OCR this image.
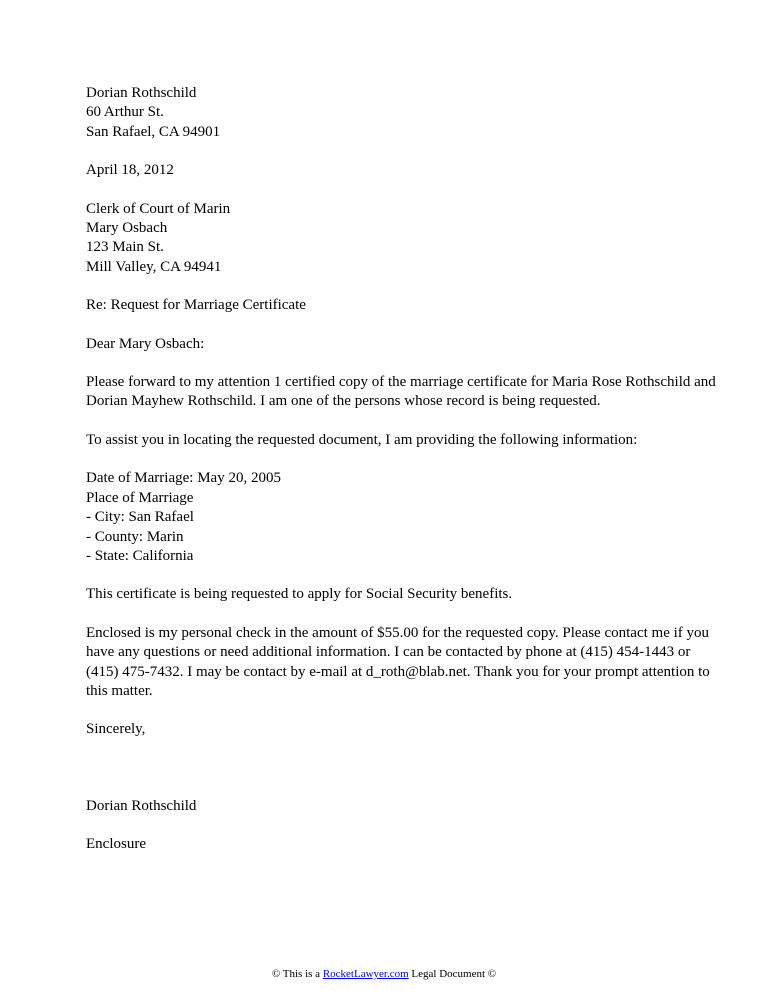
Dorian Rothschild
60 Arthur St.
San Rafael, CA 94901
April 18, 2012
Clerk of Court of Marin
Mary Osbach
123 Main St.
Mill Valley, CA 94941
Re: Request for Marriage Certificate
Dear Mary Osbach:

Please forward to my attention 1 certified copy of the marriage certificate for Maria Rose Rothschild and Dorian Mayhew Rothschild. I am one of the persons whose record is being requested.

To assist you in locating the requested document, I am providing the following information:

Date of Marriage: May 20, 2005
Place of Marriage
- City: San Rafael
- County: Marin
- State: California

This certificate is being requested to apply for Social Security benefits.

Enclosed is my personal check in the amount of $55.00 for the requested copy. Please contact me if you have any questions or need additional information. I can be contacted by phone at (415) 454-1443 or (415) 475-7432. I may be contact by e-mail at d_roth@blab.net. Thank you for your prompt attention to this matter.

Sincerely,
Dorian Rothschild
Enclosure
© This is a RocketLawyer.com Legal Document ©
